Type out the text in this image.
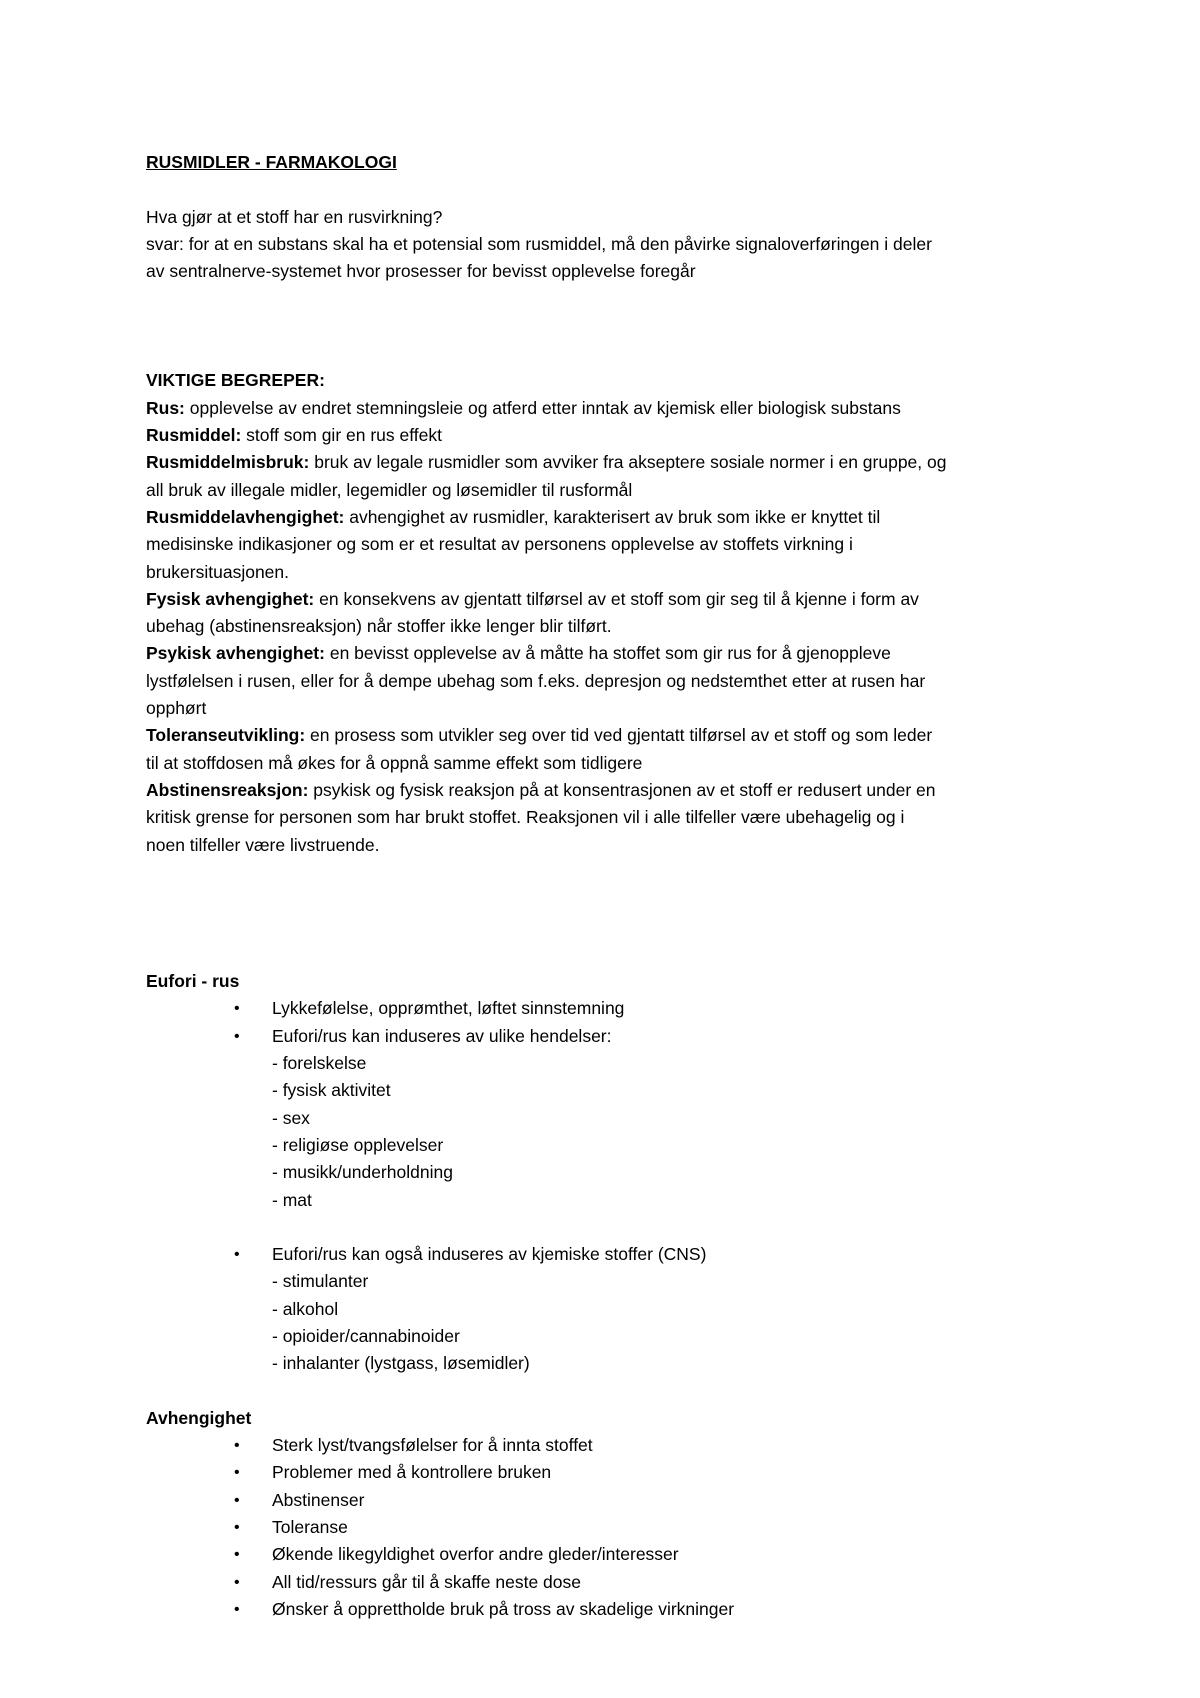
RUSMIDLER - FARMAKOLOGI
Hva gjør at et stoff har en rusvirkning?
svar: for at en substans skal ha et potensial som rusmiddel, må den påvirke signaloverføringen i deler
av sentralnerve-systemet hvor prosesser for bevisst opplevelse foregår
VIKTIGE BEGREPER:
Rus: opplevelse av endret stemningsleie og atferd etter inntak av kjemisk eller biologisk substans
Rusmiddel: stoff som gir en rus effekt
Rusmiddelmisbruk: bruk av legale rusmidler som avviker fra akseptere sosiale normer i en gruppe, og
all bruk av illegale midler, legemidler og løsemidler til rusformål
Rusmiddelavhengighet: avhengighet av rusmidler, karakterisert av bruk som ikke er knyttet til
medisinske indikasjoner og som er et resultat av personens opplevelse av stoffets virkning i
brukersituasjonen.
Fysisk avhengighet: en konsekvens av gjentatt tilførsel av et stoff som gir seg til å kjenne i form av
ubehag (abstinensreaksjon) når stoffer ikke lenger blir tilført.
Psykisk avhengighet: en bevisst opplevelse av å måtte ha stoffet som gir rus for å gjenoppleve
lystfølelsen i rusen, eller for å dempe ubehag som f.eks. depresjon og nedstemthet etter at rusen har
opphørt
Toleranseutvikling: en prosess som utvikler seg over tid ved gjentatt tilførsel av et stoff og som leder
til at stoffdosen må økes for å oppnå samme effekt som tidligere
Abstinensreaksjon: psykisk og fysisk reaksjon på at konsentrasjonen av et stoff er redusert under en
kritisk grense for personen som har brukt stoffet. Reaksjonen vil i alle tilfeller være ubehagelig og i
noen tilfeller være livstruende.
Eufori - rus
• Lykkefølelse, opprømthet, løftet sinnstemning
• Eufori/rus kan induseres av ulike hendelser:
- forelskelse
- fysisk aktivitet
- sex
- religiøse opplevelser
- musikk/underholdning
- mat
• Eufori/rus kan også induseres av kjemiske stoffer (CNS)
- stimulanter
- alkohol
- opioider/cannabinoider
- inhalanter (lystgass, løsemidler)
Avhengighet
• Sterk lyst/tvangsfølelser for å innta stoffet
• Problemer med å kontrollere bruken
• Abstinenser
• Toleranse
• Økende likegyldighet overfor andre gleder/interesser
• All tid/ressurs går til å skaffe neste dose
• Ønsker å opprettholde bruk på tross av skadelige virkninger
